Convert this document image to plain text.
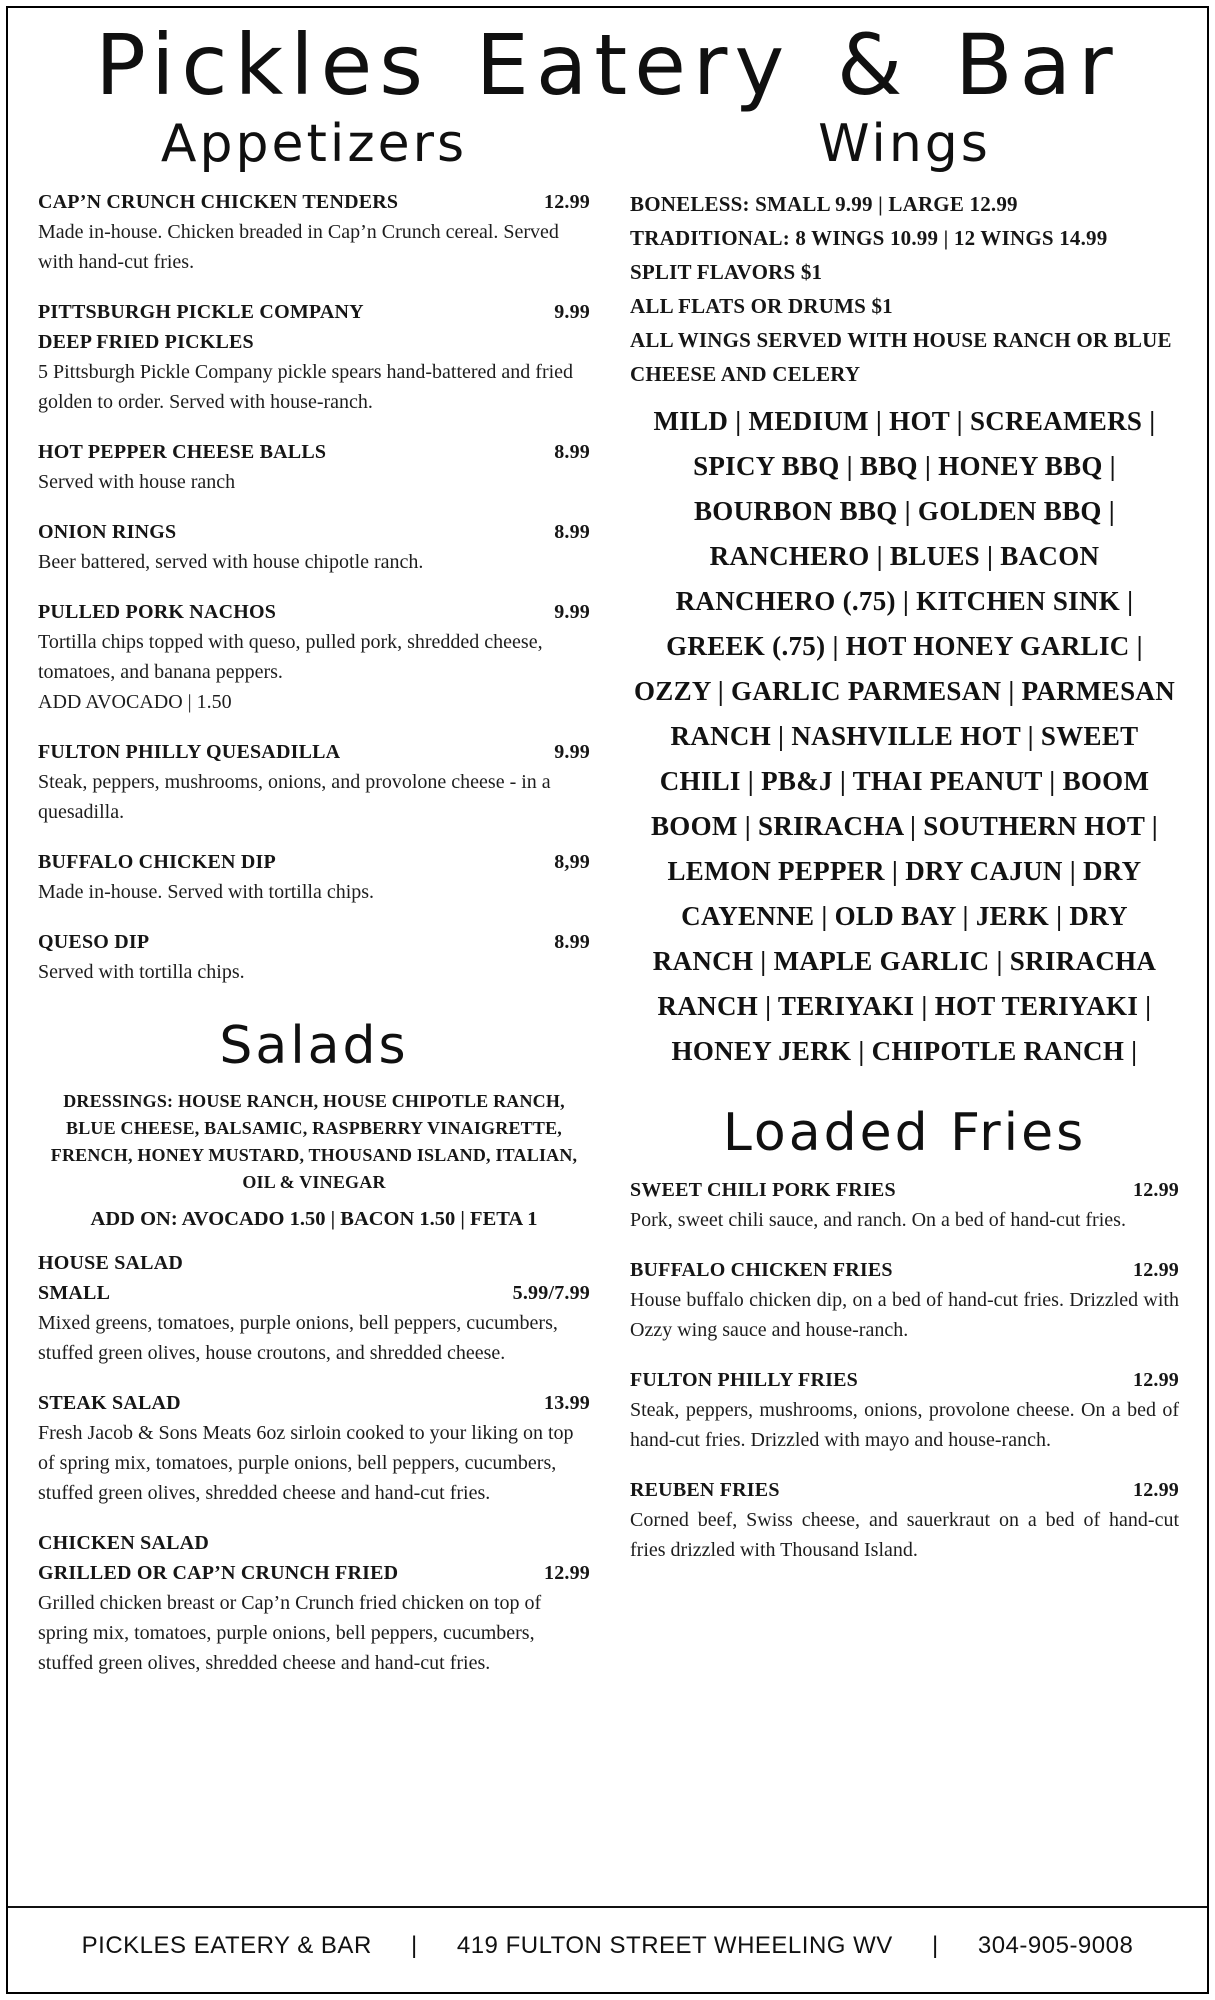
Pickles Eatery & Bar
Appetizers
CAP’N CRUNCH CHICKEN TENDERS	12.99
Made in-house. Chicken breaded in Cap’n Crunch cereal. Served with hand-cut fries.
PITTSBURGH PICKLE COMPANY	9.99
DEEP FRIED PICKLES
5 Pittsburgh Pickle Company pickle spears hand-battered and fried golden to order. Served with house-ranch.
HOT PEPPER CHEESE BALLS	8.99
Served with house ranch
ONION RINGS	8.99
Beer battered, served with house chipotle ranch.
PULLED PORK NACHOS	9.99
Tortilla chips topped with queso, pulled pork, shredded cheese, tomatoes, and banana peppers.
ADD AVOCADO | 1.50
FULTON PHILLY QUESADILLA	9.99
Steak, peppers, mushrooms, onions, and provolone cheese - in a quesadilla.
BUFFALO CHICKEN DIP	8,99
Made in-house. Served with tortilla chips.
QUESO DIP	8.99
Served with tortilla chips.
Salads
DRESSINGS: HOUSE RANCH, HOUSE CHIPOTLE RANCH, BLUE CHEESE, BALSAMIC, RASPBERRY VINAIGRETTE, FRENCH, HONEY MUSTARD, THOUSAND ISLAND, ITALIAN, OIL & VINEGAR
ADD ON: AVOCADO 1.50 | BACON 1.50 | FETA 1
HOUSE SALAD
SMALL	5.99/7.99
Mixed greens, tomatoes, purple onions, bell peppers, cucumbers, stuffed green olives, house croutons, and shredded cheese.
STEAK SALAD	13.99
Fresh Jacob & Sons Meats 6oz sirloin cooked to your liking on top of spring mix, tomatoes, purple onions, bell peppers, cucumbers, stuffed green olives, shredded cheese and hand-cut fries.
CHICKEN SALAD
GRILLED OR CAP’N CRUNCH FRIED	12.99
Grilled chicken breast or Cap’n Crunch fried chicken on top of spring mix, tomatoes, purple onions, bell peppers, cucumbers, stuffed green olives, shredded cheese and hand-cut fries.
Wings
BONELESS: SMALL 9.99 | LARGE 12.99
TRADITIONAL: 8 WINGS 10.99 | 12 WINGS 14.99
SPLIT FLAVORS $1
ALL FLATS OR DRUMS $1
ALL WINGS SERVED WITH HOUSE RANCH OR BLUE CHEESE AND CELERY
MILD | MEDIUM | HOT | SCREAMERS | SPICY BBQ | BBQ | HONEY BBQ | BOURBON BBQ | GOLDEN BBQ | RANCHERO | BLUES | BACON RANCHERO (.75) | KITCHEN SINK | GREEK (.75) | HOT HONEY GARLIC | OZZY | GARLIC PARMESAN | PARMESAN RANCH | NASHVILLE HOT | SWEET CHILI | PB&J | THAI PEANUT | BOOM BOOM | SRIRACHA | SOUTHERN HOT | LEMON PEPPER | DRY CAJUN | DRY CAYENNE | OLD BAY | JERK | DRY RANCH | MAPLE GARLIC | SRIRACHA RANCH | TERIYAKI | HOT TERIYAKI | HONEY JERK | CHIPOTLE RANCH |
Loaded Fries
SWEET CHILI PORK FRIES	12.99
Pork, sweet chili sauce, and ranch. On a bed of hand-cut fries.
BUFFALO CHICKEN FRIES	12.99
House buffalo chicken dip, on a bed of hand-cut fries. Drizzled with Ozzy wing sauce and house-ranch.
FULTON PHILLY FRIES	12.99
Steak, peppers, mushrooms, onions, provolone cheese. On a bed of hand-cut fries. Drizzled with mayo and house-ranch.
REUBEN FRIES	12.99
Corned beef, Swiss cheese, and sauerkraut on a bed of hand-cut fries drizzled with Thousand Island.
PICKLES EATERY & BAR | 419 FULTON STREET WHEELING WV | 304-905-9008
